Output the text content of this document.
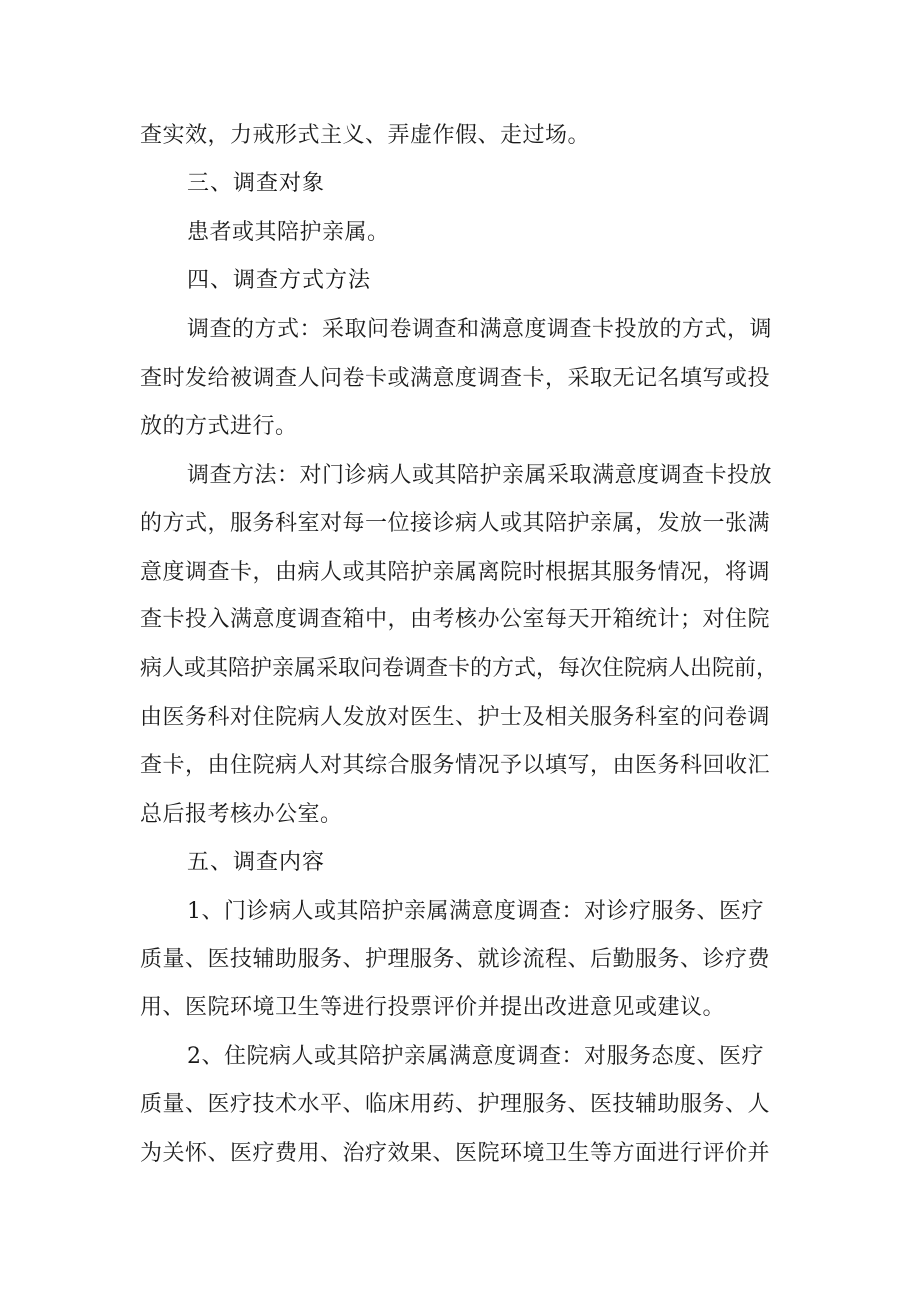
查实效，力戒形式主义、弄虚作假、走过场。
三、调查对象
患者或其陪护亲属。
四、调查方式方法
调查的方式：采取问卷调查和满意度调查卡投放的方式，调
查时发给被调查人问卷卡或满意度调查卡，采取无记名填写或投
放的方式进行。
调查方法：对门诊病人或其陪护亲属采取满意度调查卡投放
的方式，服务科室对每一位接诊病人或其陪护亲属，发放一张满
意度调查卡，由病人或其陪护亲属离院时根据其服务情况，将调
查卡投入满意度调查箱中，由考核办公室每天开箱统计；对住院
病人或其陪护亲属采取问卷调查卡的方式，每次住院病人出院前，
由医务科对住院病人发放对医生、护士及相关服务科室的问卷调
查卡，由住院病人对其综合服务情况予以填写，由医务科回收汇
总后报考核办公室。
五、调查内容
1、门诊病人或其陪护亲属满意度调查：对诊疗服务、医疗
质量、医技辅助服务、护理服务、就诊流程、后勤服务、诊疗费
用、医院环境卫生等进行投票评价并提出改进意见或建议。
2、住院病人或其陪护亲属满意度调查：对服务态度、医疗
质量、医疗技术水平、临床用药、护理服务、医技辅助服务、人
为关怀、医疗费用、治疗效果、医院环境卫生等方面进行评价并
